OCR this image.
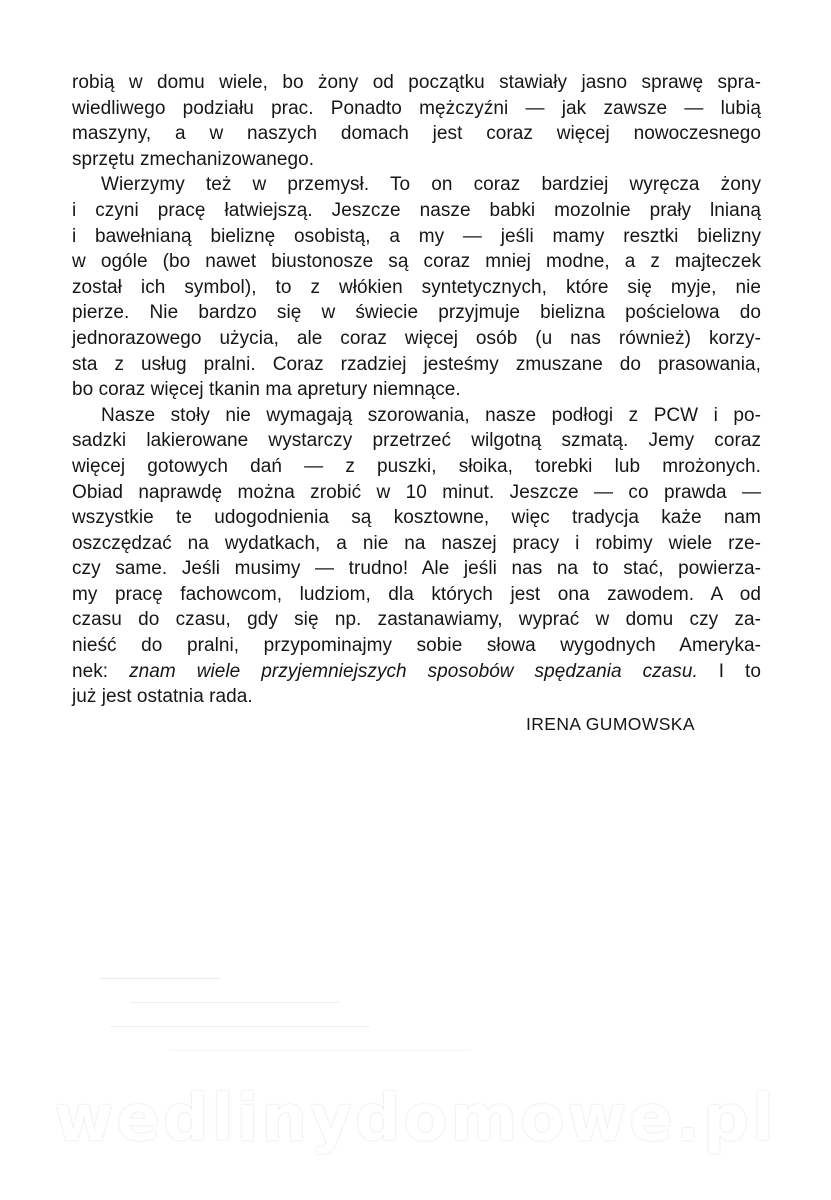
robią w domu wiele, bo żony od początku stawiały jasno sprawę spra-
wiedliwego podziału prac. Ponadto mężczyźni — jak zawsze — lubią
maszyny, a w naszych domach jest coraz więcej nowoczesnego
sprzętu zmechanizowanego.
Wierzymy też w przemysł. To on coraz bardziej wyręcza żony
i czyni pracę łatwiejszą. Jeszcze nasze babki mozolnie prały lnianą
i bawełnianą bieliznę osobistą, a my — jeśli mamy resztki bielizny
w ogóle (bo nawet biustonosze są coraz mniej modne, a z majteczek
został ich symbol), to z włókien syntetycznych, które się myje, nie
pierze. Nie bardzo się w świecie przyjmuje bielizna pościelowa do
jednorazowego użycia, ale coraz więcej osób (u nas również) korzy-
sta z usług pralni. Coraz rzadziej jesteśmy zmuszane do prasowania,
bo coraz więcej tkanin ma apretury niemnące.
Nasze stoły nie wymagają szorowania, nasze podłogi z PCW i po-
sadzki lakierowane wystarczy przetrzeć wilgotną szmatą. Jemy coraz
więcej gotowych dań — z puszki, słoika, torebki lub mrożonych.
Obiad naprawdę można zrobić w 10 minut. Jeszcze — co prawda —
wszystkie te udogodnienia są kosztowne, więc tradycja każe nam
oszczędzać na wydatkach, a nie na naszej pracy i robimy wiele rze-
czy same. Jeśli musimy — trudno! Ale jeśli nas na to stać, powierza-
my pracę fachowcom, ludziom, dla których jest ona zawodem. A od
czasu do czasu, gdy się np. zastanawiamy, wyprać w domu czy za-
nieść do pralni, przypominajmy sobie słowa wygodnych Ameryka-
nek: znam wiele przyjemniejszych sposobów spędzania czasu. I to
już jest ostatnia rada.
IRENA GUMOWSKA
wedlinydomowe.pl
